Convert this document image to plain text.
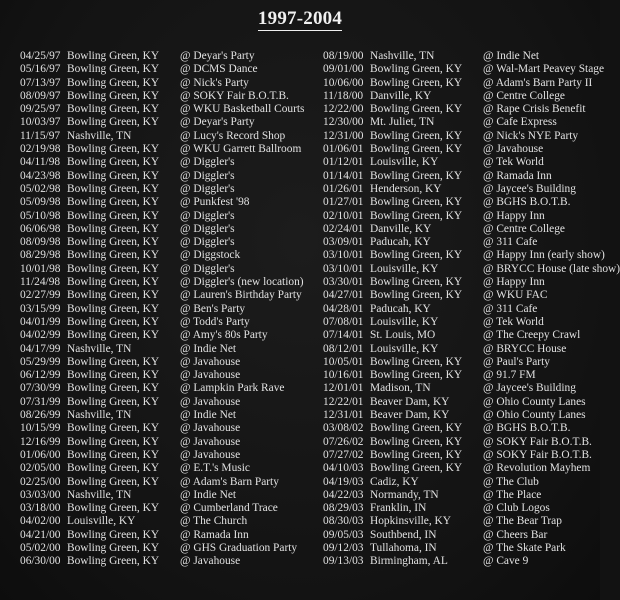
1997-2004
04/25/97 Bowling Green, KY @ Deyar's Party
05/16/97 Bowling Green, KY @ DCMS Dance
07/13/97 Bowling Green, KY @ Nick's Party
08/09/97 Bowling Green, KY @ SOKY Fair B.O.T.B.
09/25/97 Bowling Green, KY @ WKU Basketball Courts
10/03/97 Bowling Green, KY @ Deyar's Party
11/15/97 Nashville, TN	@ Lucy's Record Shop
02/19/98 Bowling Green, KY @ WKU Garrett Ballroom
04/11/98 Bowling Green, KY @ Diggler's
04/23/98 Bowling Green, KY @ Diggler's
05/02/98 Bowling Green, KY @ Diggler's
05/09/98 Bowling Green, KY @ Punkfest '98
05/10/98 Bowling Green, KY @ Diggler's
06/06/98 Bowling Green, KY @ Diggler's
08/09/98 Bowling Green, KY @ Diggler's
08/29/98 Bowling Green, KY @ Diggstock
10/01/98 Bowling Green, KY @ Diggler's
11/24/98 Bowling Green, KY @ Diggler's (new location)
02/27/99 Bowling Green, KY @ Lauren's Birthday Party
03/15/99 Bowling Green, KY @ Ben's Party
04/01/99 Bowling Green, KY @ Todd's Party
04/02/99 Bowling Green, KY @ Amy's 80s Party
04/17/99 Nashville, TN	@ Indie Net
05/29/99 Bowling Green, KY @ Javahouse
06/12/99 Bowling Green, KY @ Javahouse
07/30/99 Bowling Green, KY @ Lampkin Park Rave
07/31/99 Bowling Green, KY @ Javahouse
08/26/99 Nashville, TN	@ Indie Net
10/15/99 Bowling Green, KY @ Javahouse
12/16/99 Bowling Green, KY @ Javahouse
01/06/00 Bowling Green, KY @ Javahouse
02/05/00 Bowling Green, KY @ E.T.'s Music
02/25/00 Bowling Green, KY @ Adam's Barn Party
03/03/00 Nashville, TN	@ Indie Net
03/18/00 Bowling Green, KY @ Cumberland Trace
04/02/00 Louisville, KY	@ The Church
04/21/00 Bowling Green, KY @ Ramada Inn
05/02/00 Bowling Green, KY @ GHS Graduation Party
06/30/00 Bowling Green, KY @ Javahouse
08/19/00 Nashville, TN	@ Indie Net
09/01/00 Bowling Green, KY @ Wal-Mart Peavey Stage
10/06/00 Bowling Green, KY @ Adam's Barn Party II
11/18/00 Danville, KY	@ Centre College
12/22/00 Bowling Green, KY @ Rape Crisis Benefit
12/30/00 Mt. Juliet, TN	@ Cafe Express
12/31/00 Bowling Green, KY @ Nick's NYE Party
01/06/01 Bowling Green, KY @ Javahouse
01/12/01 Louisville, KY	@ Tek World
01/14/01 Bowling Green, KY @ Ramada Inn
01/26/01 Henderson, KY	@ Jaycee's Building
01/27/01 Bowling Green, KY @ BGHS B.O.T.B.
02/10/01 Bowling Green, KY @ Happy Inn
02/24/01 Danville, KY	@ Centre College
03/09/01 Paducah, KY	@ 311 Cafe
03/10/01 Bowling Green, KY @ Happy Inn (early show)
03/10/01 Louisville, KY	@ BRYCC House (late show)
03/30/01 Bowling Green, KY @ Happy Inn
04/27/01 Bowling Green, KY @ WKU FAC
04/28/01 Paducah, KY	@ 311 Cafe
07/08/01 Louisville, KY	@ Tek World
07/14/01 St. Louis, MO	@ The Creepy Crawl
08/12/01 Louisville, KY	@ BRYCC House
10/05/01 Bowling Green, KY @ Paul's Party
10/16/01 Bowling Green, KY @ 91.7 FM
12/01/01 Madison, TN	@ Jaycee's Building
12/22/01 Beaver Dam, KY	@ Ohio County Lanes
12/31/01 Beaver Dam, KY	@ Ohio County Lanes
03/08/02 Bowling Green, KY @ BGHS B.O.T.B.
07/26/02 Bowling Green, KY @ SOKY Fair B.O.T.B.
07/27/02 Bowling Green, KY @ SOKY Fair B.O.T.B.
04/10/03 Bowling Green, KY @ Revolution Mayhem
04/19/03 Cadiz, KY	@ The Club
04/22/03 Normandy, TN	@ The Place
08/29/03 Franklin, IN	@ Club Logos
08/30/03 Hopkinsville, KY	@ The Bear Trap
09/05/03 Southbend, IN	@ Cheers Bar
09/12/03 Tullahoma, IN	@ The Skate Park
09/13/03 Birmingham, AL	@ Cave 9
